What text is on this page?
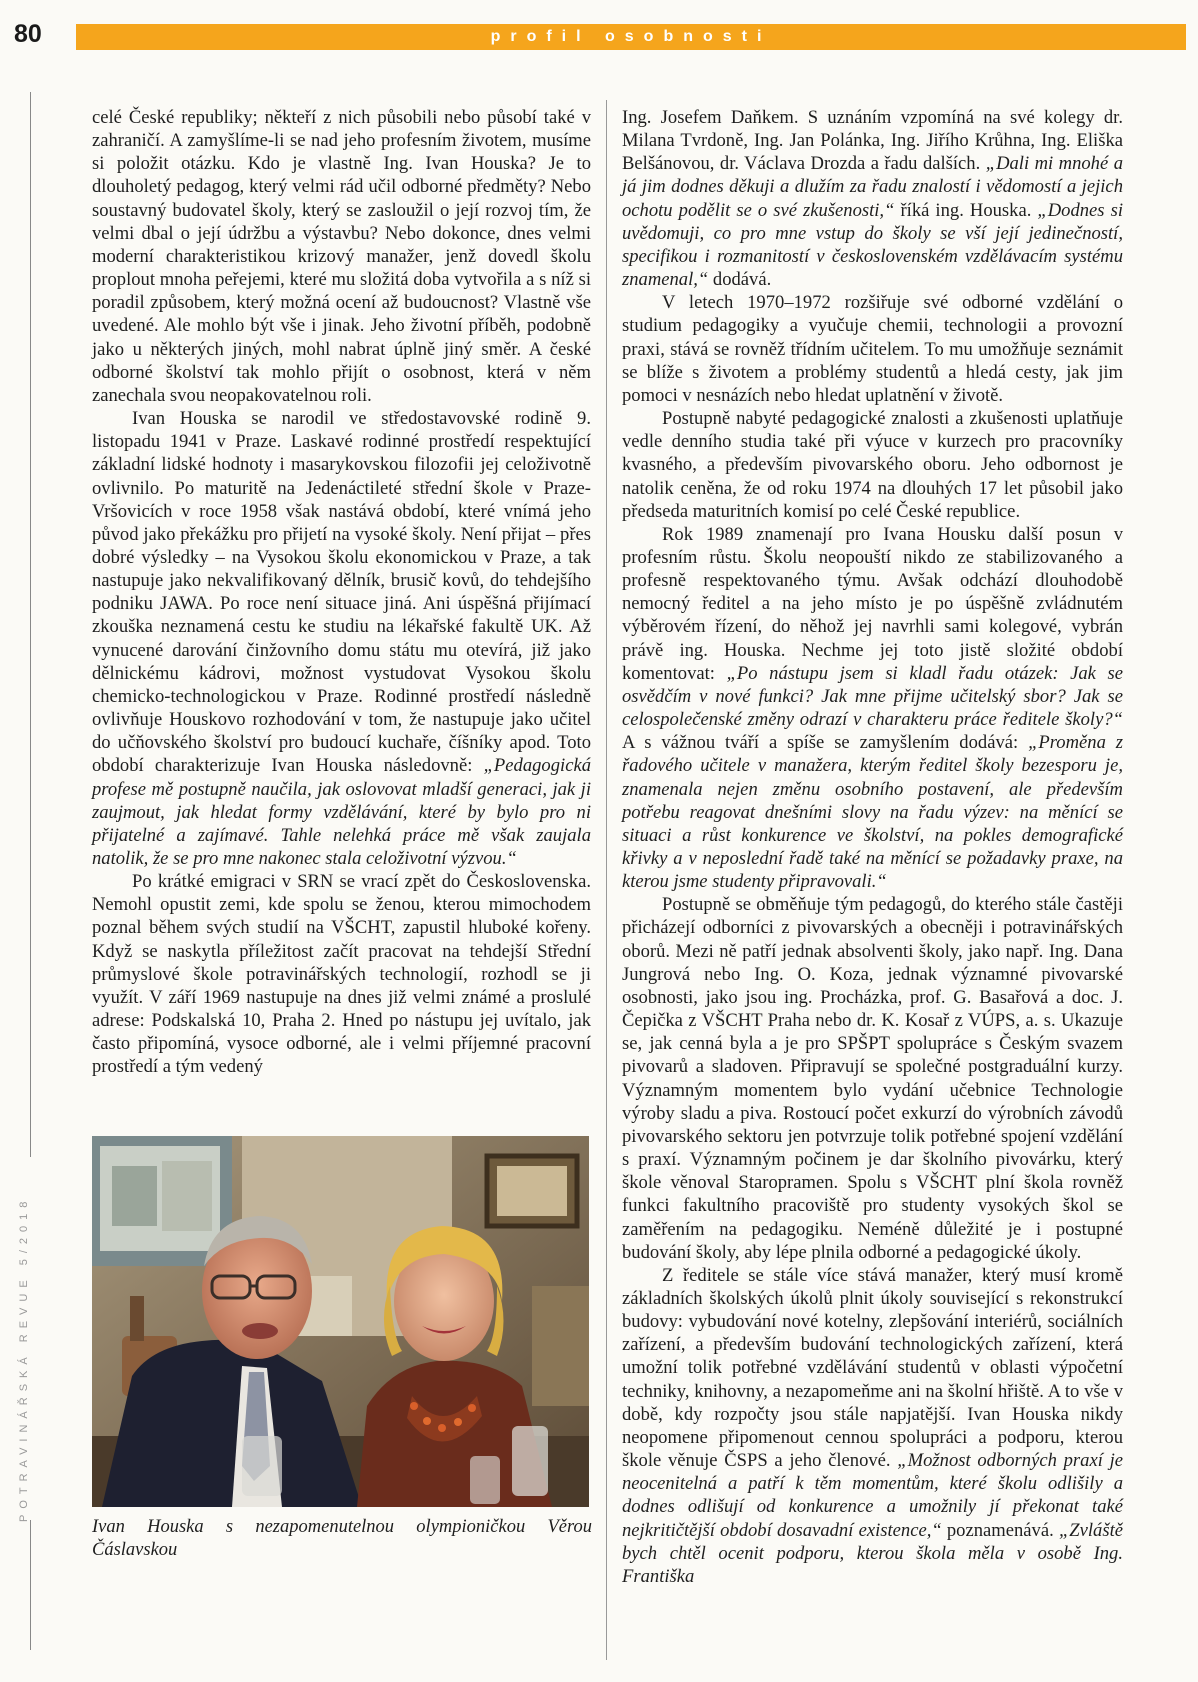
80	profil osobnosti
POTRAVINÁŘSKÁ REVUE 5/2018

celé České republiky; někteří z nich působili nebo působí také v zahraničí. A zamyšlíme-li se nad jeho profesním životem, musíme si položit otázku. Kdo je vlastně Ing. Ivan Houska? Je to dlouholetý pedagog, který velmi rád učil odborné předměty? Nebo soustavný budovatel školy, který se zasloužil o její rozvoj tím, že velmi dbal o její údržbu a výstavbu? Nebo dokonce, dnes velmi moderní charakteristikou krizový manažer, jenž dovedl školu proplout mnoha peřejemi, které mu složitá doba vytvořila a s níž si poradil způsobem, který možná ocení až budoucnost? Vlastně vše uvedené. Ale mohlo být vše i jinak. Jeho životní příběh, podobně jako u některých jiných, mohl nabrat úplně jiný směr. A české odborné školství tak mohlo přijít o osobnost, která v něm zanechala svou neopakovatelnou roli.

Ivan Houska se narodil ve středostavovské rodině 9. listopadu 1941 v Praze. Laskavé rodinné prostředí respektující základní lidské hodnoty i masarykovskou filozofii jej celoživotně ovlivnilo. Po maturitě na Jedenáctileté střední škole v Praze-Vršovicích v roce 1958 však nastává období, které vnímá jeho původ jako překážku pro přijetí na vysoké školy. Není přijat – přes dobré výsledky – na Vysokou školu ekonomickou v Praze, a tak nastupuje jako nekvalifikovaný dělník, brusič kovů, do tehdejšího podniku JAWA. Po roce není situace jiná. Ani úspěšná přijímací zkouška neznamená cestu ke studiu na lékařské fakultě UK. Až vynucené darování činžovního domu státu mu otevírá, již jako dělnickému kádrovi, možnost vystudovat Vysokou školu chemicko-technologickou v Praze. Rodinné prostředí následně ovlivňuje Houskovo rozhodování v tom, že nastupuje jako učitel do učňovského školství pro budoucí kuchaře, číšníky apod. Toto období charakterizuje Ivan Houska následovně: „Pedagogická profese mě postupně naučila, jak oslovovat mladší generaci, jak ji zaujmout, jak hledat formy vzdělávání, které by bylo pro ni přijatelné a zajímavé. Tahle nelehká práce mě však zaujala natolik, že se pro mne nakonec stala celoživotní výzvou.“

Po krátké emigraci v SRN se vrací zpět do Československa. Nemohl opustit zemi, kde spolu se ženou, kterou mimochodem poznal během svých studií na VŠCHT, zapustil hluboké kořeny. Když se naskytla příležitost začít pracovat na tehdejší Střední průmyslové škole potravinářských technologií, rozhodl se ji využít. V září 1969 nastupuje na dnes již velmi známé a proslulé adrese: Podskalská 10, Praha 2. Hned po nástupu jej uvítalo, jak často připomíná, vysoce odborné, ale i velmi příjemné pracovní prostředí a tým vedený

Ivan Houska s nezapomenutelnou olympioničkou Věrou Čáslavskou

Ing. Josefem Daňkem. S uznáním vzpomíná na své kolegy dr. Milana Tvrdoně, Ing. Jan Polánka, Ing. Jiřího Krůhna, Ing. Eliška Belšánovou, dr. Václava Drozda a řadu dalších. „Dali mi mnohé a já jim dodnes děkuji a dlužím za řadu znalostí i vědomostí a jejich ochotu podělit se o své zkušenosti,“ říká ing. Houska. „Dodnes si uvědomuji, co pro mne vstup do školy se vší její jedinečností, specifikou i rozmanitostí v československém vzdělávacím systému znamenal,“ dodává.

V letech 1970–1972 rozšiřuje své odborné vzdělání o studium pedagogiky a vyučuje chemii, technologii a provozní praxi, stává se rovněž třídním učitelem. To mu umožňuje seznámit se blíže s životem a problémy studentů a hledá cesty, jak jim pomoci v nesnázích nebo hledat uplatnění v životě.

Postupně nabyté pedagogické znalosti a zkušenosti uplatňuje vedle denního studia také při výuce v kurzech pro pracovníky kvasného, a především pivovarského oboru. Jeho odbornost je natolik ceněna, že od roku 1974 na dlouhých 17 let působil jako předseda maturitních komisí po celé České republice.

Rok 1989 znamenají pro Ivana Housku další posun v profesním růstu. Školu neopouští nikdo ze stabilizovaného a profesně respektovaného týmu. Avšak odchází dlouhodobě nemocný ředitel a na jeho místo je po úspěšně zvládnutém výběrovém řízení, do něhož jej navrhli sami kolegové, vybrán právě ing. Houska. Nechme jej toto jistě složité období komentovat: „Po nástupu jsem si kladl řadu otázek: Jak se osvědčím v nové funkci? Jak mne přijme učitelský sbor? Jak se celospolečenské změny odrazí v charakteru práce ředitele školy?“ A s vážnou tváří a spíše se zamyšlením dodává: „Proměna z řadového učitele v manažera, kterým ředitel školy bezesporu je, znamenala nejen změnu osobního postavení, ale především potřebu reagovat dnešními slovy na řadu výzev: na měnící se situaci a růst konkurence ve školství, na pokles demografické křivky a v neposlední řadě také na měnící se požadavky praxe, na kterou jsme studenty připravovali.“

Postupně se obměňuje tým pedagogů, do kterého stále častěji přicházejí odborníci z pivovarských a obecněji i potravinářských oborů. Mezi ně patří jednak absolventi školy, jako např. Ing. Dana Jungrová nebo Ing. O. Koza, jednak významné pivovarské osobnosti, jako jsou ing. Procházka, prof. G. Basařová a doc. J. Čepička z VŠCHT Praha nebo dr. K. Kosař z VÚPS, a. s. Ukazuje se, jak cenná byla a je pro SPŠPT spolupráce s Českým svazem pivovarů a sladoven. Připravují se společné postgraduální kurzy. Významným momentem bylo vydání učebnice Technologie výroby sladu a piva. Rostoucí počet exkurzí do výrobních závodů pivovarského sektoru jen potvrzuje tolik potřebné spojení vzdělání s praxí. Významným počinem je dar školního pivovárku, který škole věnoval Staropramen. Spolu s VŠCHT plní škola rovněž funkci fakultního pracoviště pro studenty vysokých škol se zaměřením na pedagogiku. Neméně důležité je i postupné budování školy, aby lépe plnila odborné a pedagogické úkoly.

Z ředitele se stále více stává manažer, který musí kromě základních školských úkolů plnit úkoly související s rekonstrukcí budovy: vybudování nové kotelny, zlepšování interiérů, sociálních zařízení, a především budování technologických zařízení, která umožní tolik potřebné vzdělávání studentů v oblasti výpočetní techniky, knihovny, a nezapomeňme ani na školní hřiště. A to vše v době, kdy rozpočty jsou stále napjatější. Ivan Houska nikdy neopomene připomenout cennou spolupráci a podporu, kterou škole věnuje ČSPS a jeho členové. „Možnost odborných praxí je neocenitelná a patří k těm momentům, které školu odlišily a dodnes odlišují od konkurence a umožnily jí překonat také nejkritičtější období dosavadní existence,“ poznamenává. „Zvláště bych chtěl ocenit podporu, kterou škola měla v osobě Ing. Františka
